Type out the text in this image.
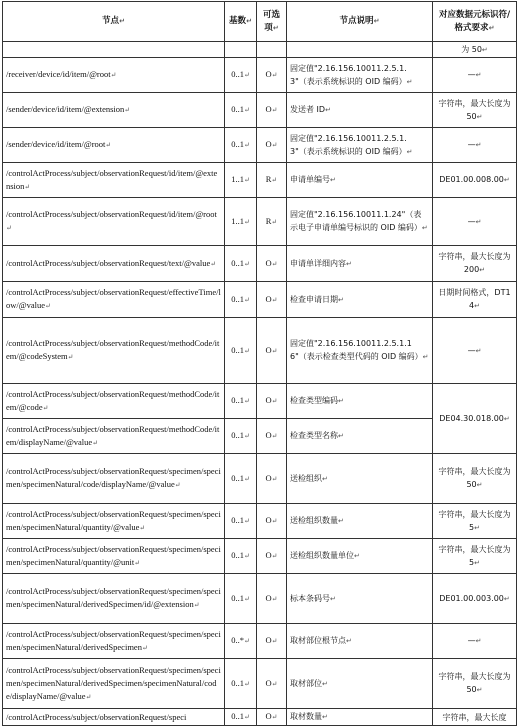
节点↵	基数↵	可选项↵	节点说明↵	对应数据元标识符/格式要求↵
				为 50↵
/receiver/device/id/item/@root↵	0..1↵	O↵	固定值"2.16.156.10011.2.5.1.3"（表示系统标识的 OID 编码）↵	—↵
/sender/device/id/item/@extension↵	0..1↵	O↵	发送者 ID↵	字符串，最大长度为 50↵
/sender/device/id/item/@root↵	0..1↵	O↵	固定值"2.16.156.10011.2.5.1.3"（表示系统标识的 OID 编码）↵	—↵
/controlActProcess/subject/observationRequest/id/item/@extension↵	1..1↵	R↵	申请单编号↵	DE01.00.008.00↵
/controlActProcess/subject/observationRequest/id/item/@root↵	1..1↵	R↵	固定值"2.16.156.10011.1.24"（表示电子申请单编号标识的 OID 编码）↵	—↵
/controlActProcess/subject/observationRequest/text/@value↵	0..1↵	O↵	申请单详细内容↵	字符串，最大长度为 200↵
/controlActProcess/subject/observationRequest/effectiveTime/low/@value↵	0..1↵	O↵	检查申请日期↵	日期时间格式，DT14↵
/controlActProcess/subject/observationRequest/methodCode/item/@codeSystem↵	0..1↵	O↵	固定值"2.16.156.10011.2.5.1.16"（表示检查类型代码的 OID 编码）↵	—↵
/controlActProcess/subject/observationRequest/methodCode/item/@code↵	0..1↵	O↵	检查类型编码↵	DE04.30.018.00↵
/controlActProcess/subject/observationRequest/methodCode/item/displayName/@value↵	0..1↵	O↵	检查类型名称↵	
/controlActProcess/subject/observationRequest/specimen/specimen/specimenNatural/code/displayName/@value↵	0..1↵	O↵	送检组织↵	字符串，最大长度为 50↵
/controlActProcess/subject/observationRequest/specimen/specimen/specimenNatural/quantity/@value↵	0..1↵	O↵	送检组织数量↵	字符串，最大长度为 5↵
/controlActProcess/subject/observationRequest/specimen/specimen/specimenNatural/quantity/@unit↵	0..1↵	O↵	送检组织数量单位↵	字符串，最大长度为 5↵
/controlActProcess/subject/observationRequest/specimen/specimen/specimenNatural/derivedSpecimen/id/@extension↵	0..1↵	O↵	标本条码号↵	DE01.00.003.00↵
/controlActProcess/subject/observationRequest/specimen/specimen/specimenNatural/derivedSpecimen↵	0..*↵	O↵	取材部位根节点↵	—↵
/controlActProcess/subject/observationRequest/specimen/specimen/specimenNatural/derivedSpecimen/specimenNatural/code/displayName/@value↵	0..1↵	O↵	取材部位↵	字符串，最大长度为 50↵
/controlActProcess/subject/observationRequest/speci	0..1↵	O↵	取材数量↵	字符串，最大长度
